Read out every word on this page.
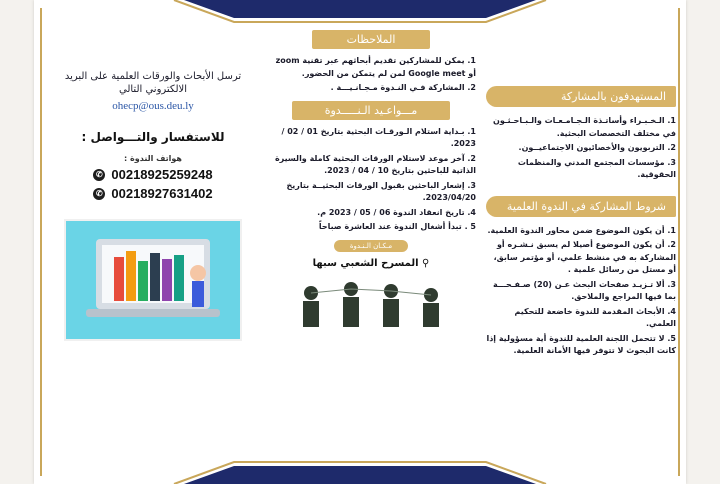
ترسل الأبحاث والورقات العلمية على البريد الالكتروني التالي
ohecp@ous.deu.ly
للاستفسار والتـــواصل :
هواتف الندوة :
✆ 00218925259248
✆ 00218927631402
الملاحظات
1. يمكن للمشاركين تقديم أبحاثهم عبر تقنية zoom أو Google meet لمن لم يتمكن من الحضور.
2. المشاركة فـي النـدوة مـجـانـيـــة .
مـــواعـيد الـنـــــدوة
1. بـداية استلام الـورقـات البحثية بتاريخ 01 / 02 / 2023.
2. آخر موعد لاستلام الورقات البحثية كاملة والسيرة الذاتية للباحثين بتاريخ 10 / 04 / 2023.
3. إشعار الباحثين بقبول الورقات البحثيــة بتاريخ 2023/04/20.
4. تاريخ انعقاد الندوة 06 / 05 / 2023 م.
5 . تبدأ أشغال الندوة عند العاشرة صباحاً
مـكـان الـنـدوة
⚲ المسرح الشعبي سبها
المستهدفون بالمشاركة
1. الـخـبـراء وأساتـذة الـجـامـعـات والـبـاحـثـون في مختلف التخصصات البحثية.
2. التربويون والأخصائيون الاجتماعيــون.
3. مؤسسات المجتمع المدني والمنظمات الحقوقية.
شروط المشاركة في الندوة العلمية
1. أن يكون الموضوع ضمن محاور الندوة العلمية.
2. أن يكون الموضوع أصيلا لم يسبق نـشـره أو المشاركة به في منشط علمي، أو مؤتمر سابق، أو مستل من رسائل علمية .
3. ألا تـزيـد صفحات البحث عـن (20) صـفـحـــة بما فيها المراجع والملاحق.
4. الأبحاث المقدمة للندوة خاضعة للتحكيم العلمي.
5. لا تتحمل اللجنة العلمية للندوة أية مسؤولية إذا كانت البحوث لا تتوفر فيها الأمانة العلمية.
